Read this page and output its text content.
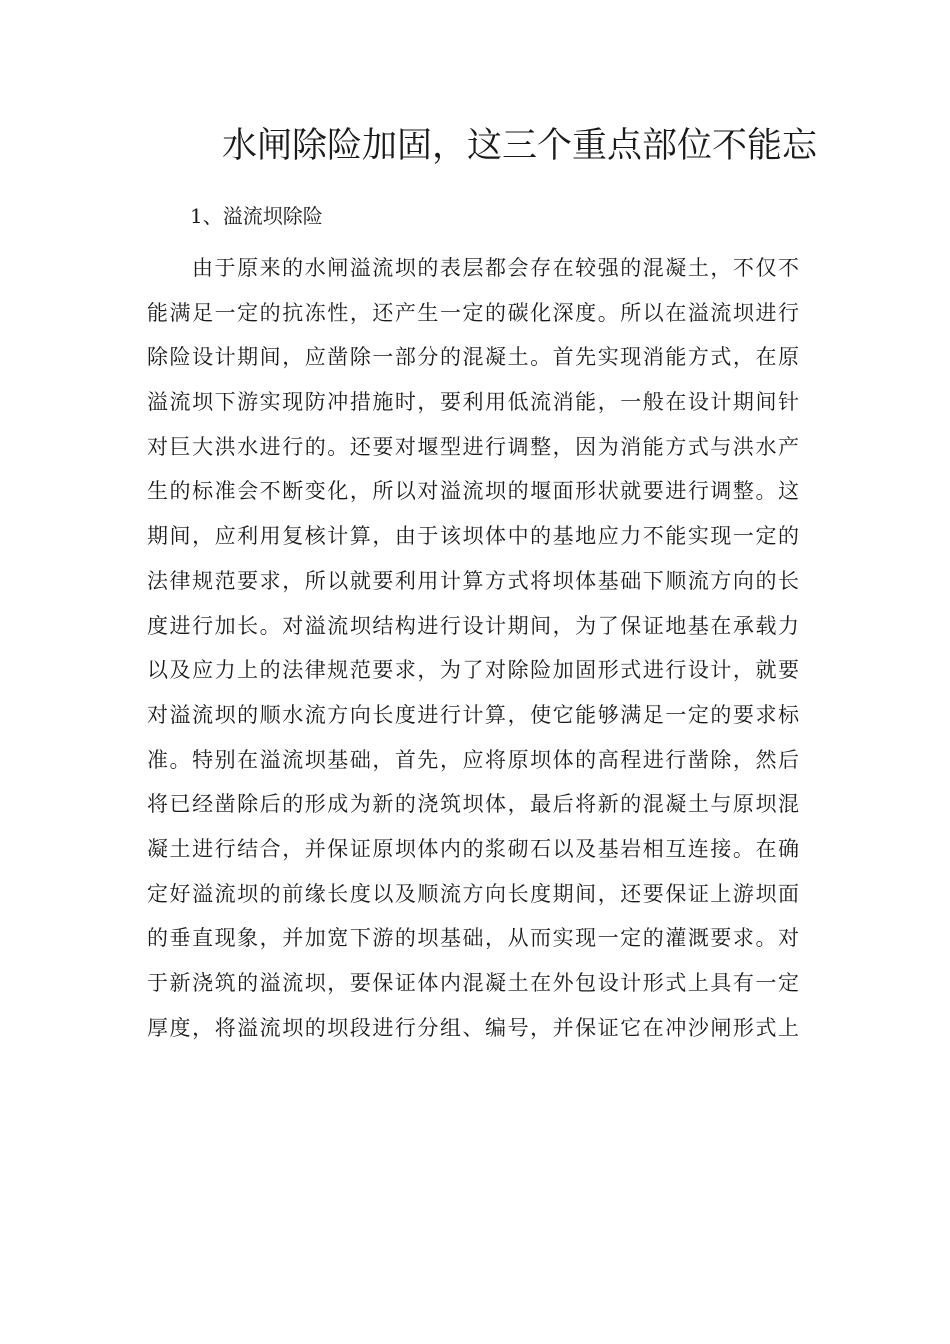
水闸除险加固，这三个重点部位不能忘
1、溢流坝除险
由于原来的水闸溢流坝的表层都会存在较强的混凝土，不仅不
能满足一定的抗冻性，还产生一定的碳化深度。所以在溢流坝进行
除险设计期间，应凿除一部分的混凝土。首先实现消能方式，在原
溢流坝下游实现防冲措施时，要利用低流消能，一般在设计期间针
对巨大洪水进行的。还要对堰型进行调整，因为消能方式与洪水产
生的标准会不断变化，所以对溢流坝的堰面形状就要进行调整。这
期间，应利用复核计算，由于该坝体中的基地应力不能实现一定的
法律规范要求，所以就要利用计算方式将坝体基础下顺流方向的长
度进行加长。对溢流坝结构进行设计期间，为了保证地基在承载力
以及应力上的法律规范要求，为了对除险加固形式进行设计，就要
对溢流坝的顺水流方向长度进行计算，使它能够满足一定的要求标
准。特别在溢流坝基础，首先，应将原坝体的高程进行凿除，然后
将已经凿除后的形成为新的浇筑坝体，最后将新的混凝土与原坝混
凝土进行结合，并保证原坝体内的浆砌石以及基岩相互连接。在确
定好溢流坝的前缘长度以及顺流方向长度期间，还要保证上游坝面
的垂直现象，并加宽下游的坝基础，从而实现一定的灌溉要求。对
于新浇筑的溢流坝，要保证体内混凝土在外包设计形式上具有一定
厚度，将溢流坝的坝段进行分组、编号，并保证它在冲沙闸形式上
